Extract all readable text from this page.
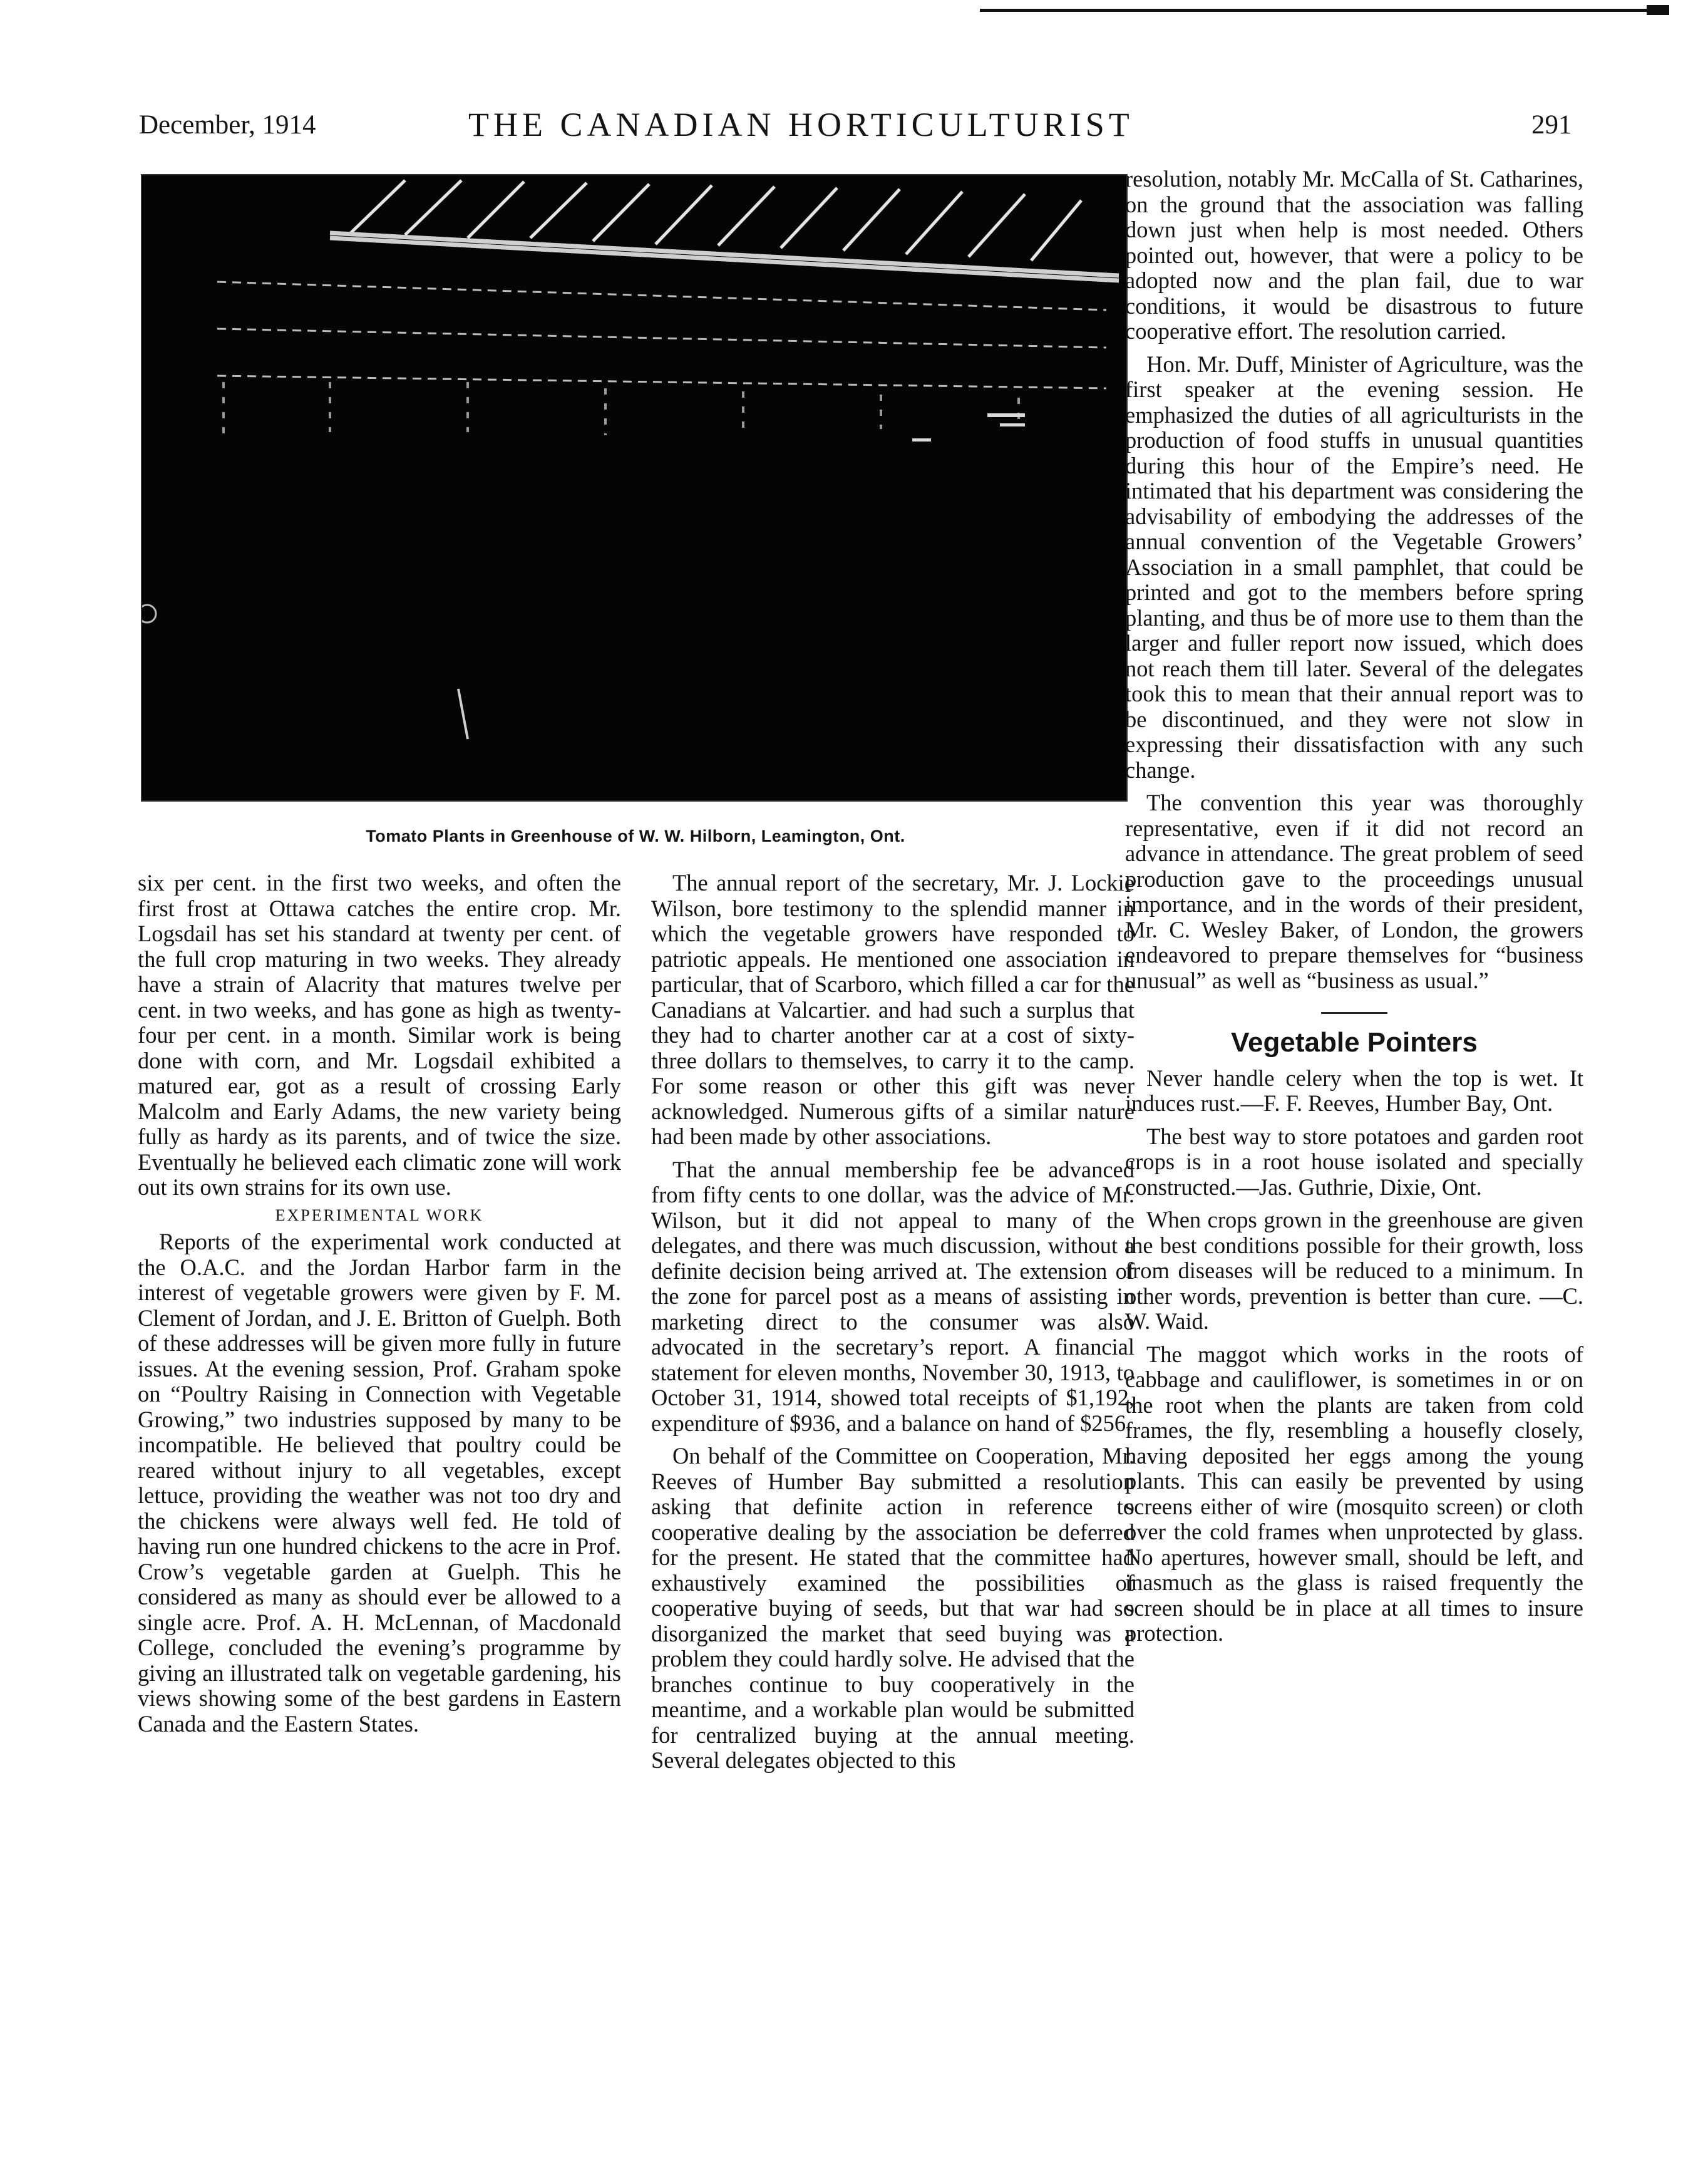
December, 1914	THE CANADIAN HORTICULTURIST	291
Tomato Plants in Greenhouse of W. W. Hilborn, Leamington, Ont.

six per cent. in the first two weeks, and often the first frost at Ottawa catches the entire crop. Mr. Logsdail has set his standard at twenty per cent. of the full crop maturing in two weeks. They already have a strain of Alacrity that matures twelve per cent. in two weeks, and has gone as high as twenty-four per cent. in a month. Similar work is being done with corn, and Mr. Logsdail exhibited a matured ear, got as a result of crossing Early Malcolm and Early Adams, the new variety being fully as hardy as its parents, and of twice the size. Eventually he believed each climatic zone will work out its own strains for its own use.

EXPERIMENTAL WORK

Reports of the experimental work conducted at the O.A.C. and the Jordan Harbor farm in the interest of vegetable growers were given by F. M. Clement of Jordan, and J. E. Britton of Guelph. Both of these addresses will be given more fully in future issues. At the evening session, Prof. Graham spoke on “Poultry Raising in Connection with Vegetable Growing,” two industries supposed by many to be incompatible. He believed that poultry could be reared without injury to all vegetables, except lettuce, providing the weather was not too dry and the chickens were always well fed. He told of having run one hundred chickens to the acre in Prof. Crow’s vegetable garden at Guelph. This he considered as many as should ever be allowed to a single acre. Prof. A. H. McLennan, of Macdonald College, concluded the evening’s programme by giving an illustrated talk on vegetable gardening, his views showing some of the best gardens in Eastern Canada and the Eastern States.

The annual report of the secretary, Mr. J. Lockie Wilson, bore testimony to the splendid manner in which the vegetable growers have responded to patriotic appeals. He mentioned one association in particular, that of Scarboro, which filled a car for the Canadians at Valcartier. and had such a surplus that they had to charter another car at a cost of sixty-three dollars to themselves, to carry it to the camp. For some reason or other this gift was never acknowledged. Numerous gifts of a similar nature had been made by other associations.

That the annual membership fee be advanced from fifty cents to one dollar, was the advice of Mr. Wilson, but it did not appeal to many of the delegates, and there was much discussion, without a definite decision being arrived at. The extension of the zone for parcel post as a means of assisting in marketing direct to the consumer was also advocated in the secretary’s report. A financial statement for eleven months, November 30, 1913, to October 31, 1914, showed total receipts of $1,192, expenditure of $936, and a balance on hand of $256.

On behalf of the Committee on Cooperation, Mr. Reeves of Humber Bay submitted a resolution asking that definite action in reference to cooperative dealing by the association be deferred for the present. He stated that the committee had exhaustively examined the possibilities of cooperative buying of seeds, but that war had so disorganized the market that seed buying was a problem they could hardly solve. He advised that the branches continue to buy cooperatively in the meantime, and a workable plan would be submitted for centralized buying at the annual meeting. Several delegates objected to this

resolution, notably Mr. McCalla of St. Catharines, on the ground that the association was falling down just when help is most needed. Others pointed out, however, that were a policy to be adopted now and the plan fail, due to war conditions, it would be disastrous to future cooperative effort. The resolution carried.

Hon. Mr. Duff, Minister of Agriculture, was the first speaker at the evening session. He emphasized the duties of all agriculturists in the production of food stuffs in unusual quantities during this hour of the Empire’s need. He intimated that his department was considering the advisability of embodying the addresses of the annual convention of the Vegetable Growers’ Association in a small pamphlet, that could be printed and got to the members before spring planting, and thus be of more use to them than the larger and fuller report now issued, which does not reach them till later. Several of the delegates took this to mean that their annual report was to be discontinued, and they were not slow in expressing their dissatisfaction with any such change.

The convention this year was thoroughly representative, even if it did not record an advance in attendance. The great problem of seed production gave to the proceedings unusual importance, and in the words of their president, Mr. C. Wesley Baker, of London, the growers endeavored to prepare themselves for “business unusual” as well as “business as usual.”

Vegetable Pointers

Never handle celery when the top is wet. It induces rust.—F. F. Reeves, Humber Bay, Ont.

The best way to store potatoes and garden root crops is in a root house isolated and specially constructed.—Jas. Guthrie, Dixie, Ont.

When crops grown in the greenhouse are given the best conditions possible for their growth, loss from diseases will be reduced to a minimum. In other words, prevention is better than cure. —C. W. Waid.

The maggot which works in the roots of cabbage and cauliflower, is sometimes in or on the root when the plants are taken from cold frames, the fly, resembling a housefly closely, having deposited her eggs among the young plants. This can easily be prevented by using screens either of wire (mosquito screen) or cloth over the cold frames when unprotected by glass. No apertures, however small, should be left, and inasmuch as the glass is raised frequently the screen should be in place at all times to insure protection.
